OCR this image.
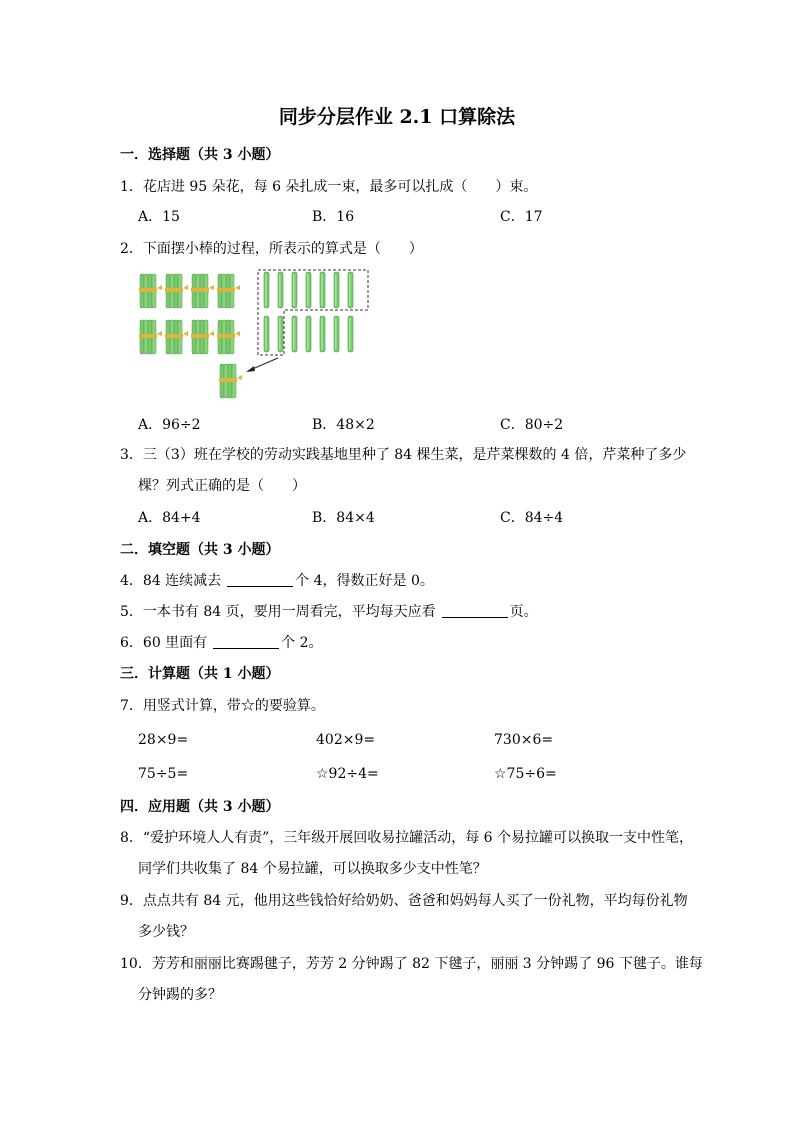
同步分层作业 2.1 口算除法
一．选择题（共 3 小题）
1．花店进 95 朵花，每 6 朵扎成一束，最多可以扎成（　　）束。
A．15	B．16	C．17
2．下面摆小棒的过程，所表示的算式是（　　）
A．96÷2	B．48×2	C．80÷2
3．三（3）班在学校的劳动实践基地里种了 84 棵生菜，是芹菜棵数的 4 倍，芹菜种了多少
棵？列式正确的是（　　）
A．84+4	B．84×4	C．84÷4
二．填空题（共 3 小题）
4．84 连续减去	个 4，得数正好是 0。
5．一本书有 84 页，要用一周看完，平均每天应看	页。
6．60 里面有	个 2。
三．计算题（共 1 小题）
7．用竖式计算，带☆的要验算。
28×9=	402×9=	730×6=
75÷5=	☆92÷4=	☆75÷6=
四．应用题（共 3 小题）
8．“爱护环境人人有责”，三年级开展回收易拉罐活动，每 6 个易拉罐可以换取一支中性笔，
同学们共收集了 84 个易拉罐，可以换取多少支中性笔？
9．点点共有 84 元，他用这些钱恰好给奶奶、爸爸和妈妈每人买了一份礼物，平均每份礼物
多少钱？
10．芳芳和丽丽比赛踢毽子，芳芳 2 分钟踢了 82 下毽子，丽丽 3 分钟踢了 96 下毽子。谁每
分钟踢的多？
